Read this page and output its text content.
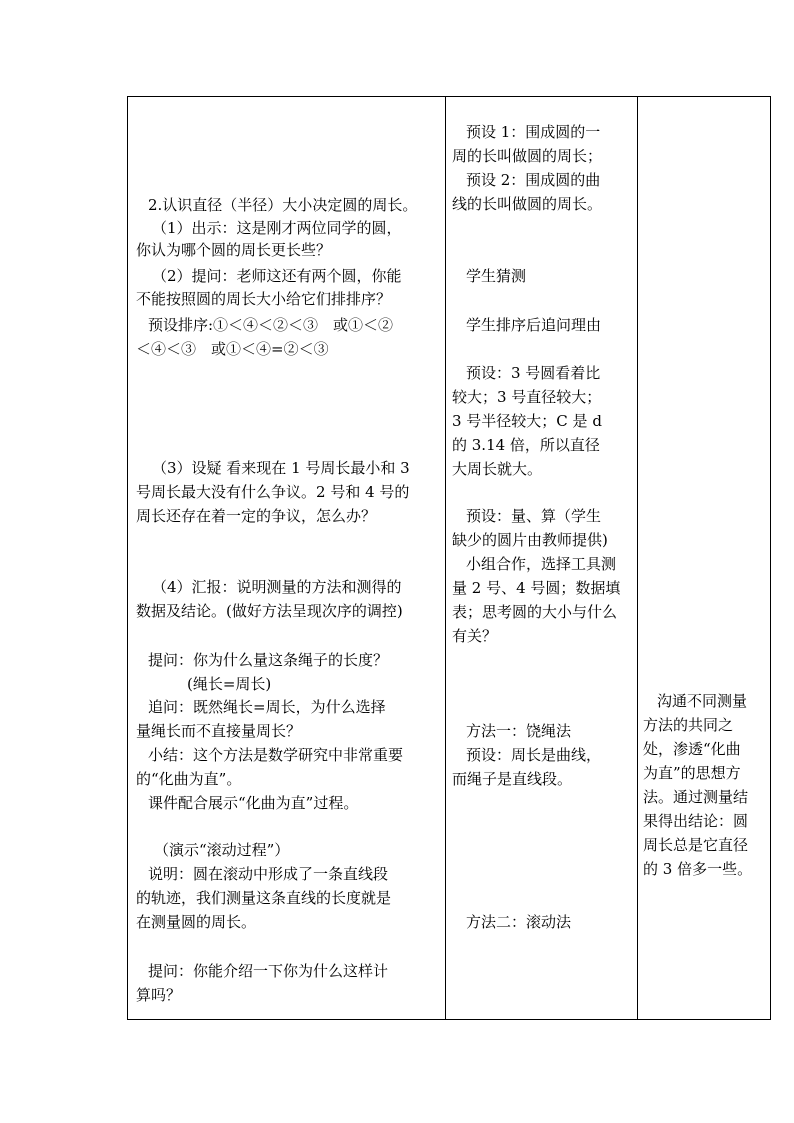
2.认识直径（半径）大小决定圆的周长。
（1）出示：这是刚才两位同学的圆，
你认为哪个圆的周长更长些？
（2）提问：老师这还有两个圆，你能
不能按照圆的周长大小给它们排排序？
预设排序:①＜④＜②＜③　或①＜②
＜④＜③　或①＜④=②＜③
（3）设疑 看来现在 1 号周长最小和 3
号周长最大没有什么争议。2 号和 4 号的
周长还存在着一定的争议，怎么办？
（4）汇报：说明测量的方法和测得的
数据及结论。(做好方法呈现次序的调控)
提问：你为什么量这条绳子的长度？
(绳长=周长)
追问：既然绳长=周长，为什么选择
量绳长而不直接量周长？
小结：这个方法是数学研究中非常重要
的“化曲为直”。
课件配合展示“化曲为直”过程。
（演示“滚动过程”）
说明：圆在滚动中形成了一条直线段
的轨迹，我们测量这条直线的长度就是
在测量圆的周长。
提问：你能介绍一下你为什么这样计
算吗？
预设 1：围成圆的一
周的长叫做圆的周长；
预设 2：围成圆的曲
线的长叫做圆的周长。
学生猜测
学生排序后追问理由
预设：3 号圆看着比
较大；3 号直径较大；
3 号半径较大；C 是 d
的 3.14 倍，所以直径
大周长就大。
预设：量、算（学生
缺少的圆片由教师提供)
小组合作，选择工具测
量 2 号、4 号圆；数据填
表；思考圆的大小与什么
有关？
方法一：饶绳法
预设：周长是曲线，
而绳子是直线段。
方法二：滚动法
沟通不同测量
方法的共同之
处，渗透“化曲
为直”的思想方
法。通过测量结
果得出结论：圆
周长总是它直径
的 3 倍多一些。
